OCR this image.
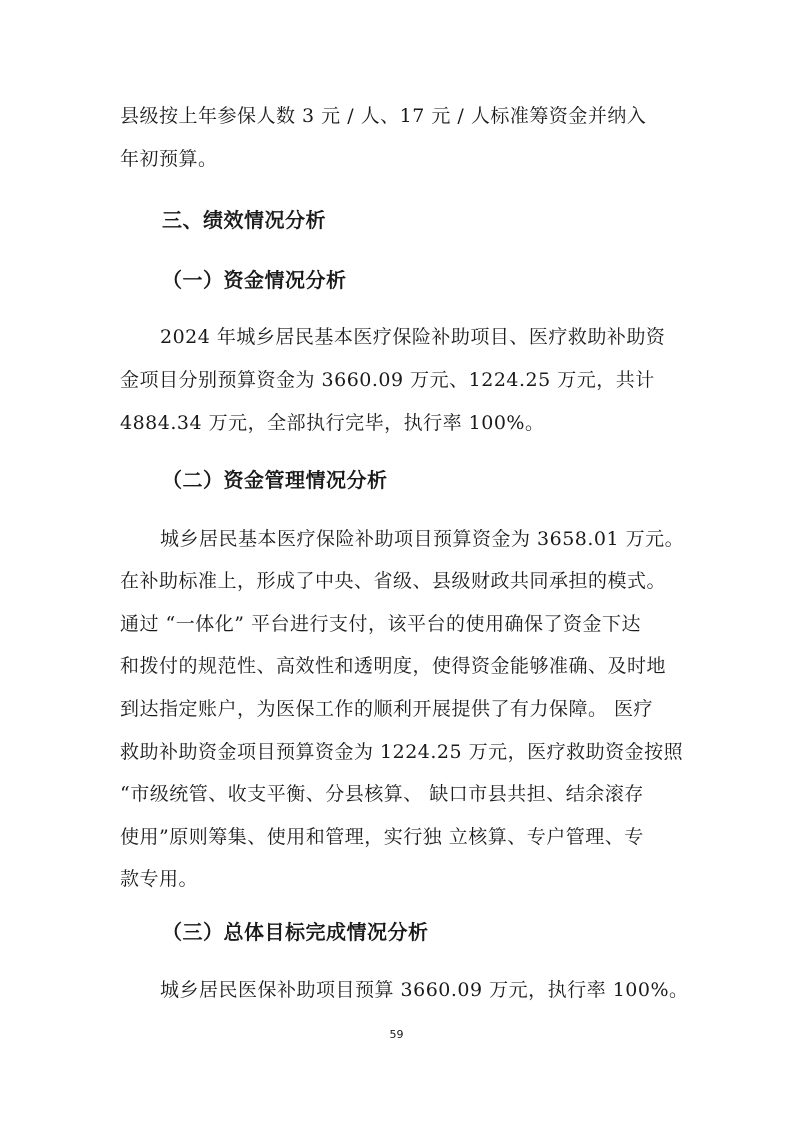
县级按上年参保人数 3 元 / 人、17 元 / 人标准筹资金并纳入
年初预算。
三、绩效情况分析
（一）资金情况分析
2024 年城乡居民基本医疗保险补助项目、医疗救助补助资
金项目分别预算资金为 3660.09 万元、1224.25 万元，共计
4884.34 万元，全部执行完毕，执行率 100%。
（二）资金管理情况分析
城乡居民基本医疗保险补助项目预算资金为 3658.01 万元。
在补助标准上，形成了中央、省级、县级财政共同承担的模式。
通过 “一体化” 平台进行支付，该平台的使用确保了资金下达
和拨付的规范性、高效性和透明度，使得资金能够准确、及时地
到达指定账户，为医保工作的顺利开展提供了有力保障。 医疗
救助补助资金项目预算资金为 1224.25 万元，医疗救助资金按照
“市级统管、收支平衡、分县核算、 缺口市县共担、结余滚存
使用”原则筹集、使用和管理，实行独 立核算、专户管理、专
款专用。
（三）总体目标完成情况分析
城乡居民医保补助项目预算 3660.09 万元，执行率 100%。
59
